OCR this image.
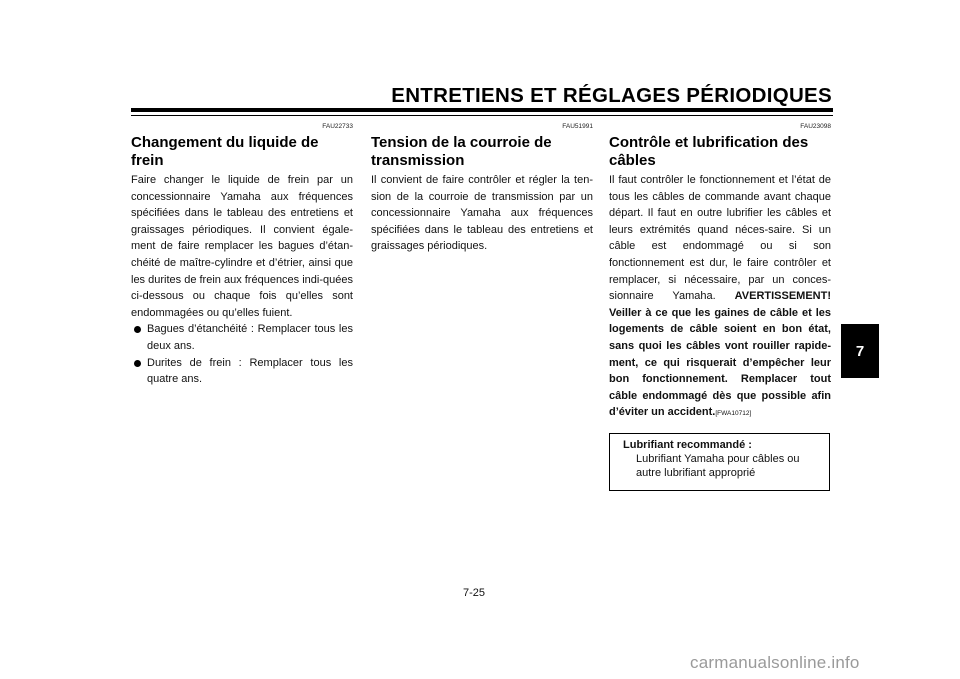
ENTRETIENS ET RÉGLAGES PÉRIODIQUES
FAU22733
Changement du liquide de frein

Faire changer le liquide de frein par un concessionnaire Yamaha aux fréquences spécifiées dans le tableau des entretiens et graissages périodiques. Il convient égale-ment de faire remplacer les bagues d’étan-chéité de maître-cylindre et d’étrier, ainsi que les durites de frein aux fréquences indi-quées ci-dessous ou chaque fois qu’elles sont endommagées ou qu’elles fuient.

Bagues d’étanchéité : Remplacer tous les deux ans.
Durites de frein : Remplacer tous les quatre ans.
FAU51991
Tension de la courroie de transmission

Il convient de faire contrôler et régler la ten-sion de la courroie de transmission par un concessionnaire Yamaha aux fréquences spécifiées dans le tableau des entretiens et graissages périodiques.

FAU23098
Contrôle et lubrification des câbles

Il faut contrôler le fonctionnement et l’état de tous les câbles de commande avant chaque départ. Il faut en outre lubrifier les câbles et leurs extrémités quand néces-saire. Si un câble est endommagé ou si son fonctionnement est dur, le faire contrôler et remplacer, si nécessaire, par un conces-sionnaire Yamaha. AVERTISSEMENT! Veiller à ce que les gaines de câble et les logements de câble soient en bon état, sans quoi les câbles vont rouiller rapide-ment, ce qui risquerait d’empêcher leur bon fonctionnement. Remplacer tout câble endommagé dès que possible afin d’éviter un accident.[FWA10712]

Lubrifiant recommandé :
Lubrifiant Yamaha pour câbles ou autre lubrifiant approprié
7
7-25
carmanualsonline.info
